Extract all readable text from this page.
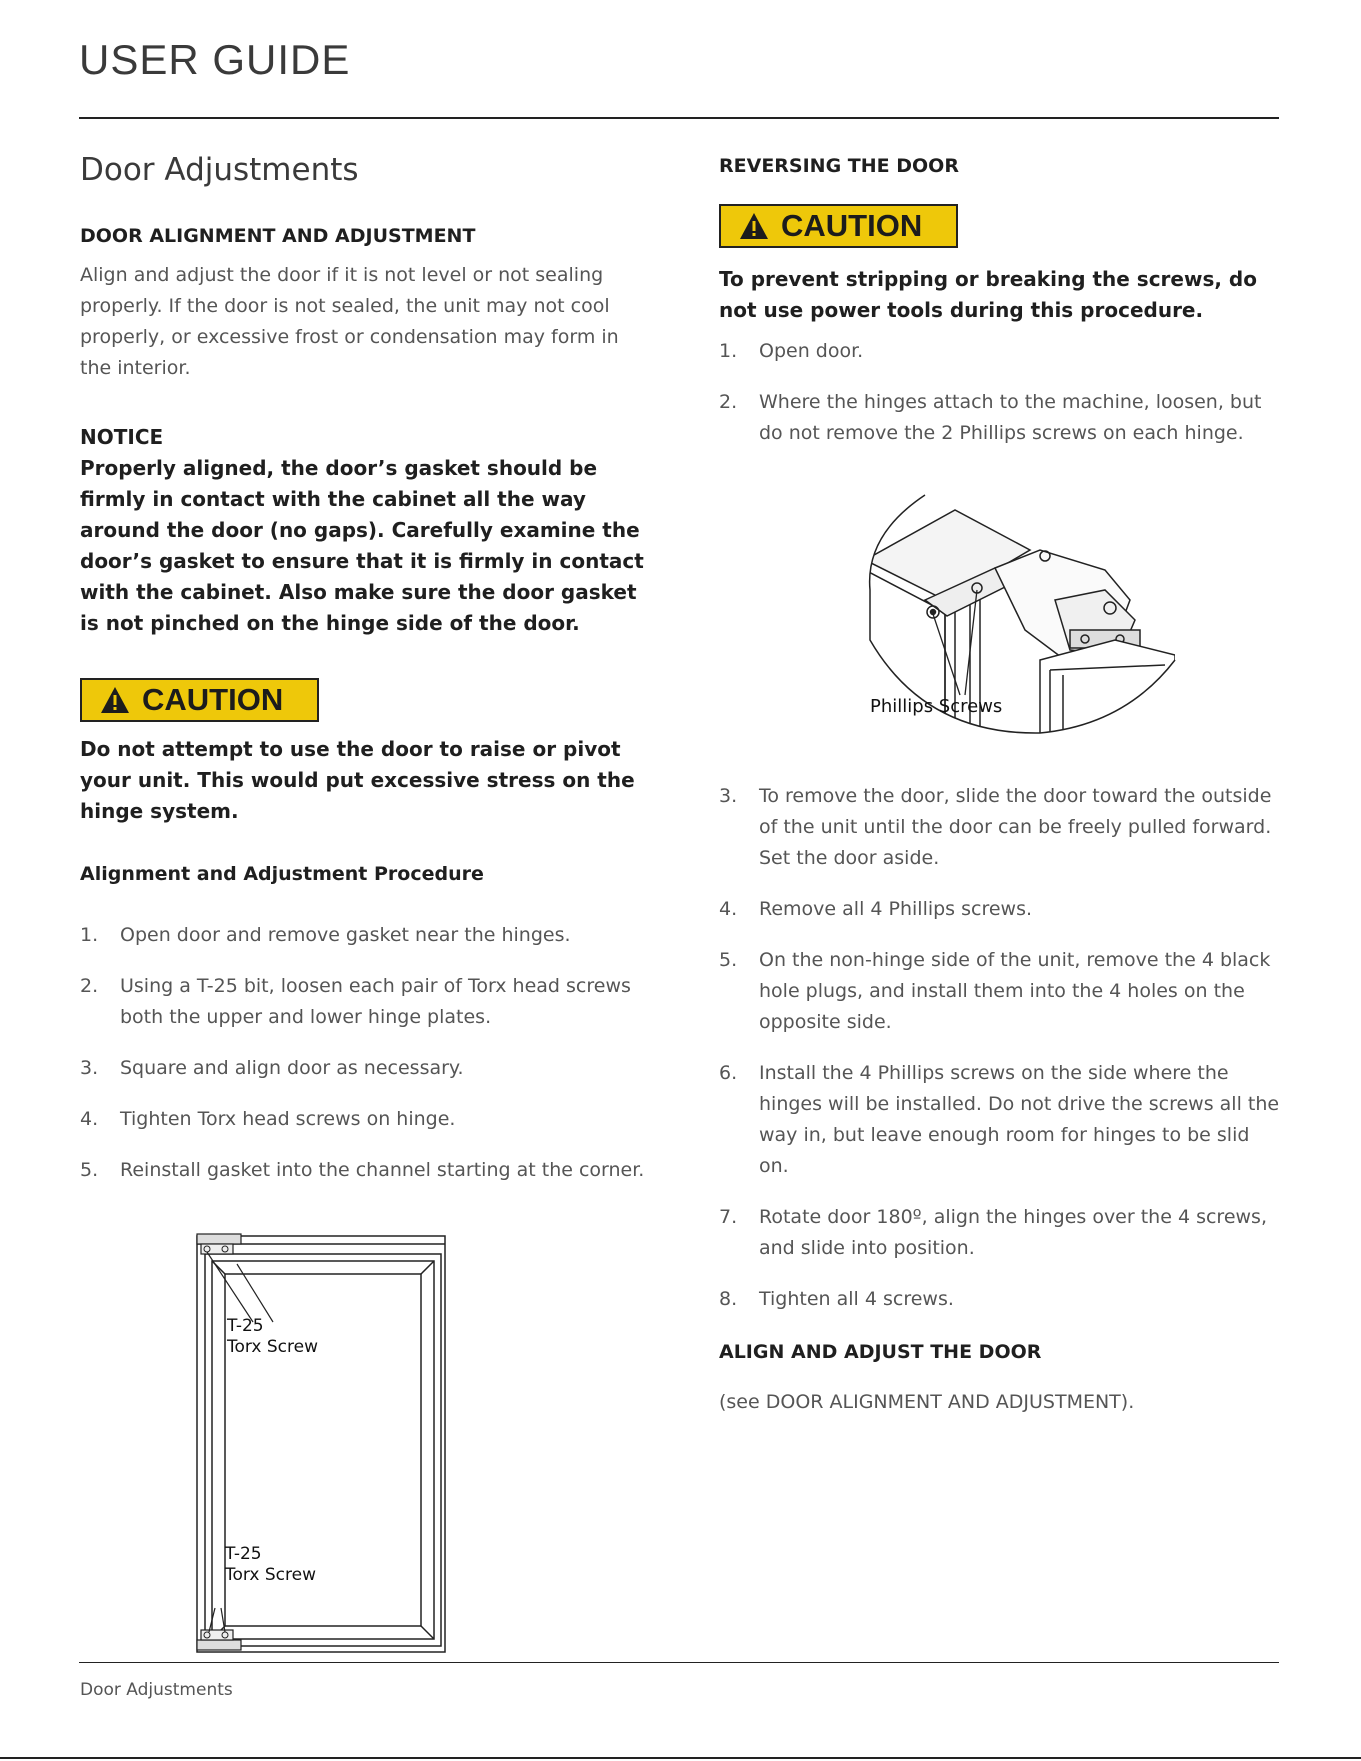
USER GUIDE
Door Adjustments
DOOR ALIGNMENT AND ADJUSTMENT
Align and adjust the door if it is not level or not sealing properly. If the door is not sealed, the unit may not cool properly, or excessive frost or condensation may form in the interior.
NOTICE
Properly aligned, the door’s gasket should be firmly in contact with the cabinet all the way around the door (no gaps). Carefully examine the door’s gasket to ensure that it is firmly in contact with the cabinet. Also make sure the door gasket is not pinched on the hinge side of the door.
CAUTION
Do not attempt to use the door to raise or pivot your unit. This would put excessive stress on the hinge system.
Alignment and Adjustment Procedure
1. Open door and remove gasket near the hinges.
2. Using a T-25 bit, loosen each pair of Torx head screws both the upper and lower hinge plates.
3. Square and align door as necessary.
4. Tighten Torx head screws on hinge.
5. Reinstall gasket into the channel starting at the corner.
T-25
Torx Screw
T-25
Torx Screw
REVERSING THE DOOR
CAUTION
To prevent stripping or breaking the screws, do not use power tools during this procedure.
1. Open door.
2. Where the hinges attach to the machine, loosen, but do not remove the 2 Phillips screws on each hinge.
Phillips Screws
3. To remove the door, slide the door toward the outside of the unit until the door can be freely pulled forward. Set the door aside.
4. Remove all 4 Phillips screws.
5. On the non-hinge side of the unit, remove the 4 black hole plugs, and install them into the 4 holes on the opposite side.
6. Install the 4 Phillips screws on the side where the hinges will be installed. Do not drive the screws all the way in, but leave enough room for hinges to be slid on.
7. Rotate door 180º, align the hinges over the 4 screws, and slide into position.
8. Tighten all 4 screws.
ALIGN AND ADJUST THE DOOR
(see DOOR ALIGNMENT AND ADJUSTMENT).
Door Adjustments
